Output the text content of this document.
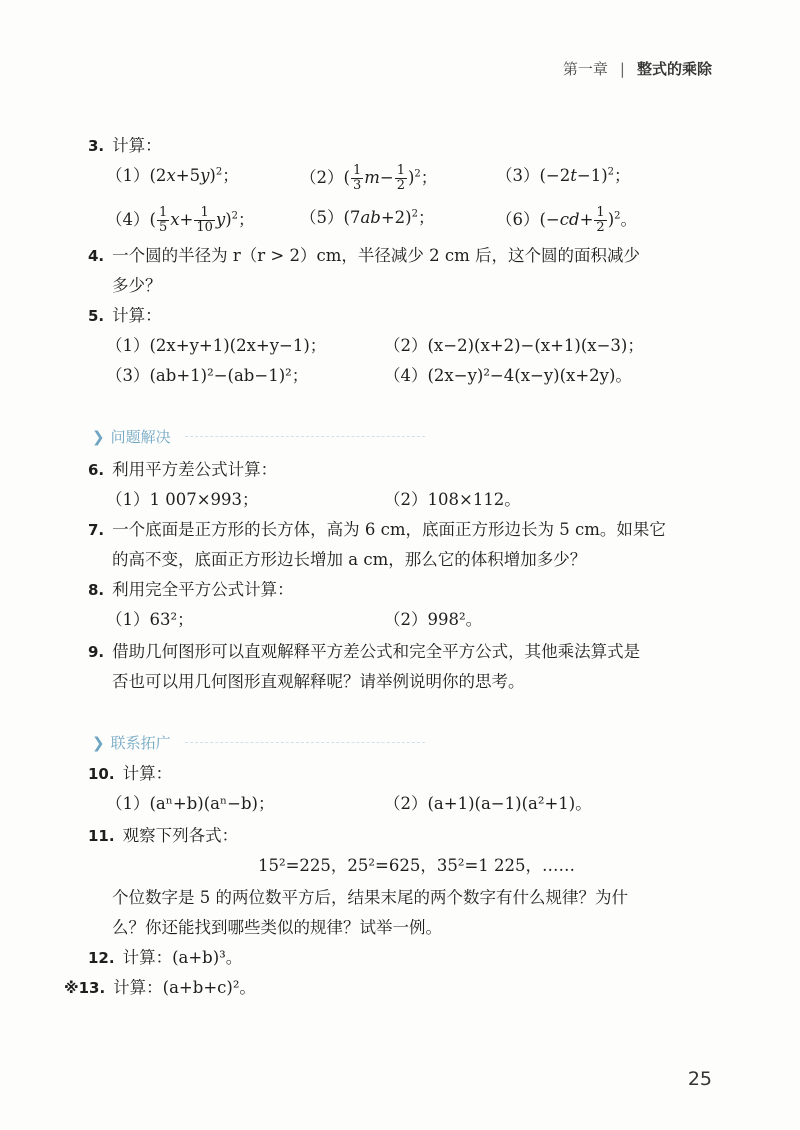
第一章 | 整式的乘除
3. 计算：
$(1)(2x+5y)^2$；	$(2)( \frac{1}{3} m- \frac{1}{2} )^2$；	$(3)(-2t-1)^2$；
$(4)( \frac{1}{5} x+ \frac{1}{10} y)^2$；	$(5)(7ab+2)^2$；	$(6)(-cd+ \frac{1}{2} )^2$。
4. 一个圆的半径为 r（r > 2）cm，半径减少 2 cm 后，这个圆的面积减少
多少？
5. 计算：
（1）(2x+y+1)(2x+y−1)；	（2）(x−2)(x+2)−(x+1)(x−3)；
（3）(ab+1)²−(ab−1)²；	（4）(2x−y)²−4(x−y)(x+2y)。
❯ 问题解决
6. 利用平方差公式计算：
（1）1 007×993；	（2）108×112。
7. 一个底面是正方形的长方体，高为 6 cm，底面正方形边长为 5 cm。如果它
的高不变，底面正方形边长增加 a cm，那么它的体积增加多少？
8. 利用完全平方公式计算：
（1）63²；	（2）998²。
9. 借助几何图形可以直观解释平方差公式和完全平方公式，其他乘法算式是
否也可以用几何图形直观解释呢？请举例说明你的思考。
❯ 联系拓广
10. 计算：
（1）(aⁿ+b)(aⁿ−b)；	（2）(a+1)(a−1)(a²+1)。
11. 观察下列各式：
15²=225，25²=625，35²=1 225，……
个位数字是 5 的两位数平方后，结果末尾的两个数字有什么规律？为什
么？你还能找到哪些类似的规律？试举一例。
12. 计算：(a+b)³。
※13. 计算：(a+b+c)²。
25
